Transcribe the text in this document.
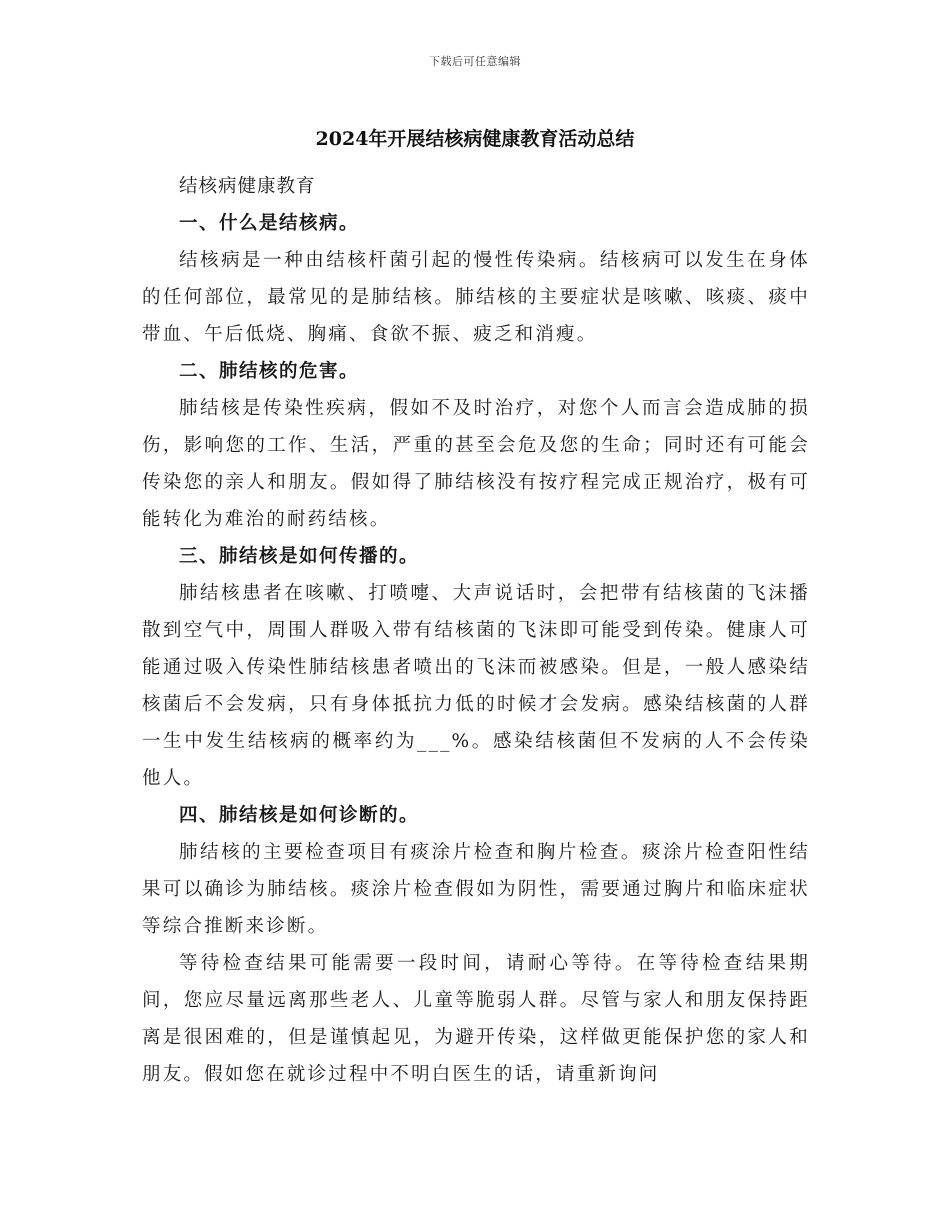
下载后可任意编辑
2024年开展结核病健康教育活动总结

结核病健康教育

一、什么是结核病。

结核病是一种由结核杆菌引起的慢性传染病。结核病可以发生在身体的任何部位，最常见的是肺结核。肺结核的主要症状是咳嗽、咳痰、痰中带血、午后低烧、胸痛、食欲不振、疲乏和消瘦。

二、肺结核的危害。

肺结核是传染性疾病，假如不及时治疗，对您个人而言会造成肺的损伤，影响您的工作、生活，严重的甚至会危及您的生命；同时还有可能会传染您的亲人和朋友。假如得了肺结核没有按疗程完成正规治疗，极有可能转化为难治的耐药结核。

三、肺结核是如何传播的。

肺结核患者在咳嗽、打喷嚏、大声说话时，会把带有结核菌的飞沫播散到空气中，周围人群吸入带有结核菌的飞沫即可能受到传染。健康人可能通过吸入传染性肺结核患者喷出的飞沫而被感染。但是，一般人感染结核菌后不会发病，只有身体抵抗力低的时候才会发病。感染结核菌的人群一生中发生结核病的概率约为___%。感染结核菌但不发病的人不会传染他人。

四、肺结核是如何诊断的。

肺结核的主要检查项目有痰涂片检查和胸片检查。痰涂片检查阳性结果可以确诊为肺结核。痰涂片检查假如为阴性，需要通过胸片和临床症状等综合推断来诊断。

等待检查结果可能需要一段时间，请耐心等待。在等待检查结果期间，您应尽量远离那些老人、儿童等脆弱人群。尽管与家人和朋友保持距离是很困难的，但是谨慎起见，为避开传染，这样做更能保护您的家人和朋友。假如您在就诊过程中不明白医生的话，请重新询问
